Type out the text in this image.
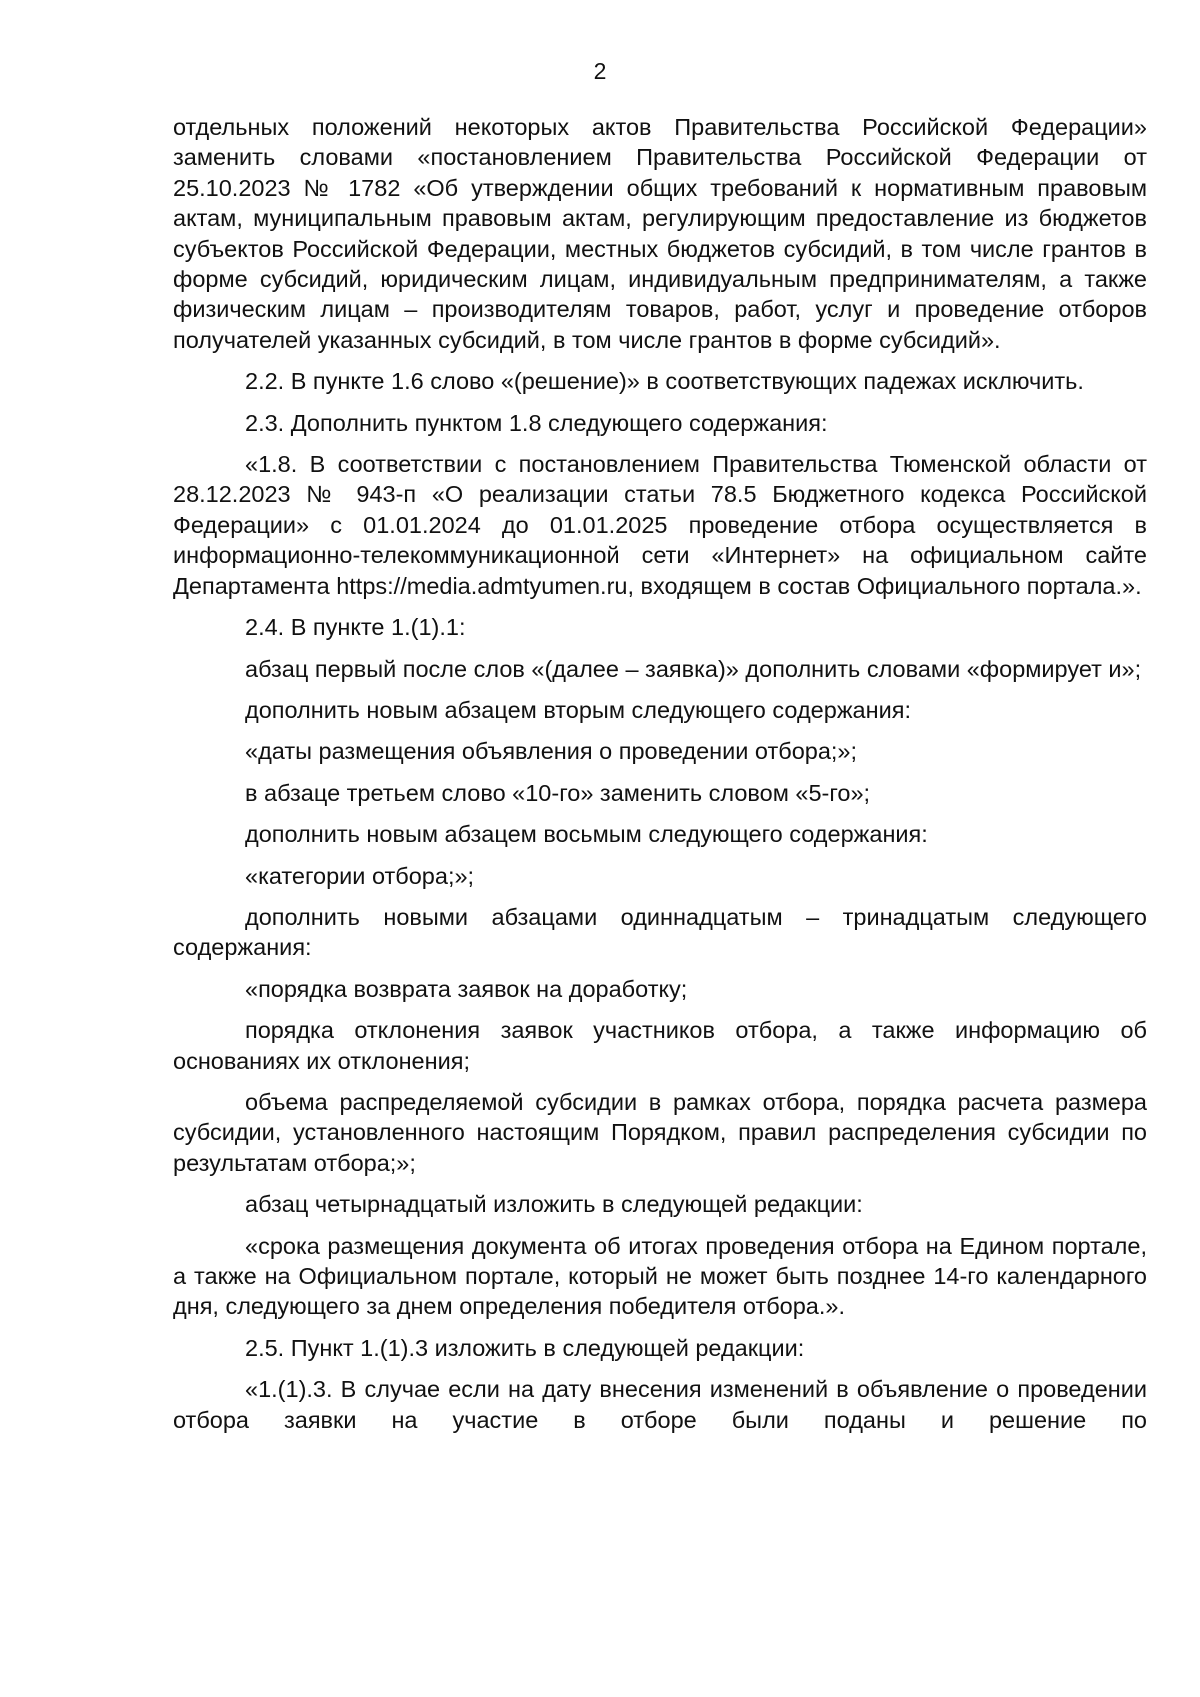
2

отдельных положений некоторых актов Правительства Российской Федерации» заменить словами «постановлением Правительства Российской Федерации от 25.10.2023 № 1782 «Об утверждении общих требований к нормативным правовым актам, муниципальным правовым актам, регулирующим предоставление из бюджетов субъектов Российской Федерации, местных бюджетов субсидий, в том числе грантов в форме субсидий, юридическим лицам, индивидуальным предпринимателям, а также физическим лицам – производителям товаров, работ, услуг и проведение отборов получателей указанных субсидий, в том числе грантов в форме субсидий».

2.2. В пункте 1.6 слово «(решение)» в соответствующих падежах исключить.

2.3. Дополнить пунктом 1.8 следующего содержания:

«1.8. В соответствии с постановлением Правительства Тюменской области от 28.12.2023 № 943-п «О реализации статьи 78.5 Бюджетного кодекса Российской Федерации» с 01.01.2024 до 01.01.2025 проведение отбора осуществляется в информационно-телекоммуникационной сети «Интернет» на официальном сайте Департамента https://media.admtyumen.ru, входящем в состав Официального портала.».

2.4. В пункте 1.(1).1:

абзац первый после слов «(далее – заявка)» дополнить словами «формирует и»;

дополнить новым абзацем вторым следующего содержания:

«даты размещения объявления о проведении отбора;»;

в абзаце третьем слово «10-го» заменить словом «5-го»;

дополнить новым абзацем восьмым следующего содержания:

«категории отбора;»;

дополнить новыми абзацами одиннадцатым – тринадцатым следующего содержания:

«порядка возврата заявок на доработку;

порядка отклонения заявок участников отбора, а также информацию об основаниях их отклонения;

объема распределяемой субсидии в рамках отбора, порядка расчета размера субсидии, установленного настоящим Порядком, правил распределения субсидии по результатам отбора;»;

абзац четырнадцатый изложить в следующей редакции:

«срока размещения документа об итогах проведения отбора на Едином портале, а также на Официальном портале, который не может быть позднее 14-го календарного дня, следующего за днем определения победителя отбора.».

2.5. Пункт 1.(1).3 изложить в следующей редакции:

«1.(1).3. В случае если на дату внесения изменений в объявление о проведении отбора заявки на участие в отборе были поданы и решение по
